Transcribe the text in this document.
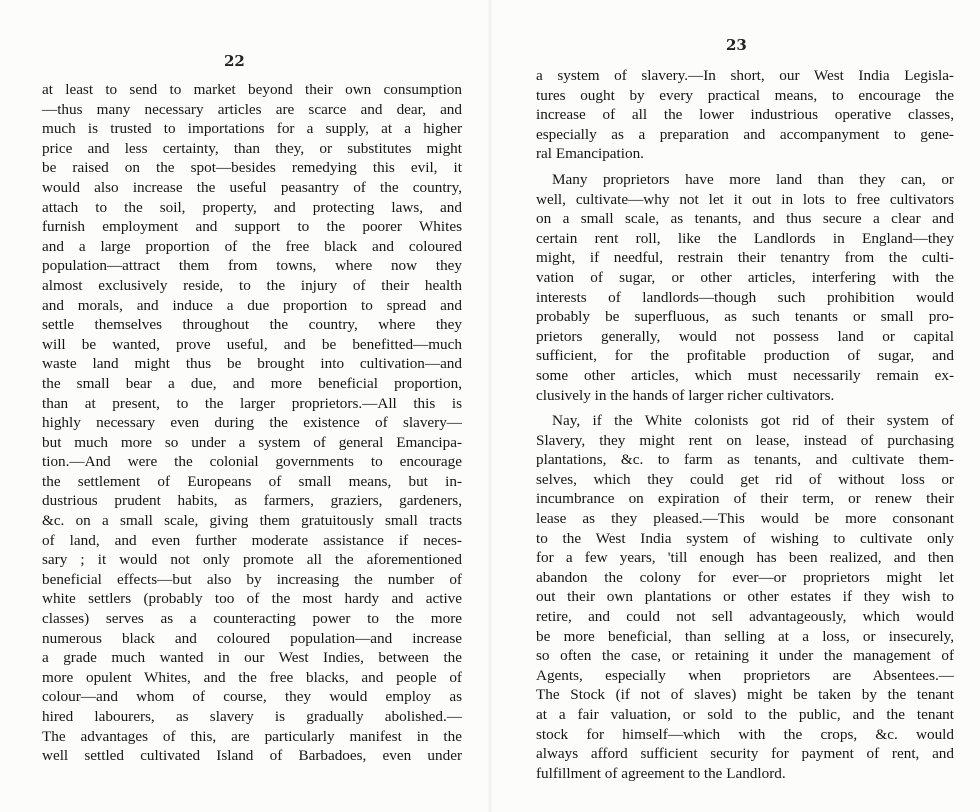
22
at least to send to market beyond their own consumption
—thus many necessary articles are scarce and dear, and
much is trusted to importations for a supply, at a higher
price and less certainty, than they, or substitutes might
be raised on the spot—besides remedying this evil, it
would also increase the useful peasantry of the country,
attach to the soil, property, and protecting laws, and
furnish employment and support to the poorer Whites
and a large proportion of the free black and coloured
population—attract them from towns, where now they
almost exclusively reside, to the injury of their health
and morals, and induce a due proportion to spread and
settle themselves throughout the country, where they
will be wanted, prove useful, and be benefitted—much
waste land might thus be brought into cultivation—and
the small bear a due, and more beneficial proportion,
than at present, to the larger proprietors.—All this is
highly necessary even during the existence of slavery—
but much more so under a system of general Emancipa-
tion.—And were the colonial governments to encourage
the settlement of Europeans of small means, but in-
dustrious prudent habits, as farmers, graziers, gardeners,
&c. on a small scale, giving them gratuitously small tracts
of land, and even further moderate assistance if neces-
sary ; it would not only promote all the aforementioned
beneficial effects—but also by increasing the number of
white settlers (probably too of the most hardy and active
classes) serves as a counteracting power to the more
numerous black and coloured population—and increase
a grade much wanted in our West Indies, between the
more opulent Whites, and the free blacks, and people of
colour—and whom of course, they would employ as
hired labourers, as slavery is gradually abolished.—
The advantages of this, are particularly manifest in the
well settled cultivated Island of Barbadoes, even under
23
a system of slavery.—In short, our West India Legisla-
tures ought by every practical means, to encourage the
increase of all the lower industrious operative classes,
especially as a preparation and accompanyment to gene-
ral Emancipation.
Many proprietors have more land than they can, or
well, cultivate—why not let it out in lots to free cultivators
on a small scale, as tenants, and thus secure a clear and
certain rent roll, like the Landlords in England—they
might, if needful, restrain their tenantry from the culti-
vation of sugar, or other articles, interfering with the
interests of landlords—though such prohibition would
probably be superfluous, as such tenants or small pro-
prietors generally, would not possess land or capital
sufficient, for the profitable production of sugar, and
some other articles, which must necessarily remain ex-
clusively in the hands of larger richer cultivators.
Nay, if the White colonists got rid of their system of
Slavery, they might rent on lease, instead of purchasing
plantations, &c. to farm as tenants, and cultivate them-
selves, which they could get rid of without loss or
incumbrance on expiration of their term, or renew their
lease as they pleased.—This would be more consonant
to the West India system of wishing to cultivate only
for a few years, 'till enough has been realized, and then
abandon the colony for ever—or proprietors might let
out their own plantations or other estates if they wish to
retire, and could not sell advantageously, which would
be more beneficial, than selling at a loss, or insecurely,
so often the case, or retaining it under the management of
Agents, especially when proprietors are Absentees.—
The Stock (if not of slaves) might be taken by the tenant
at a fair valuation, or sold to the public, and the tenant
stock for himself—which with the crops, &c. would
always afford sufficient security for payment of rent, and
fulfillment of agreement to the Landlord.
